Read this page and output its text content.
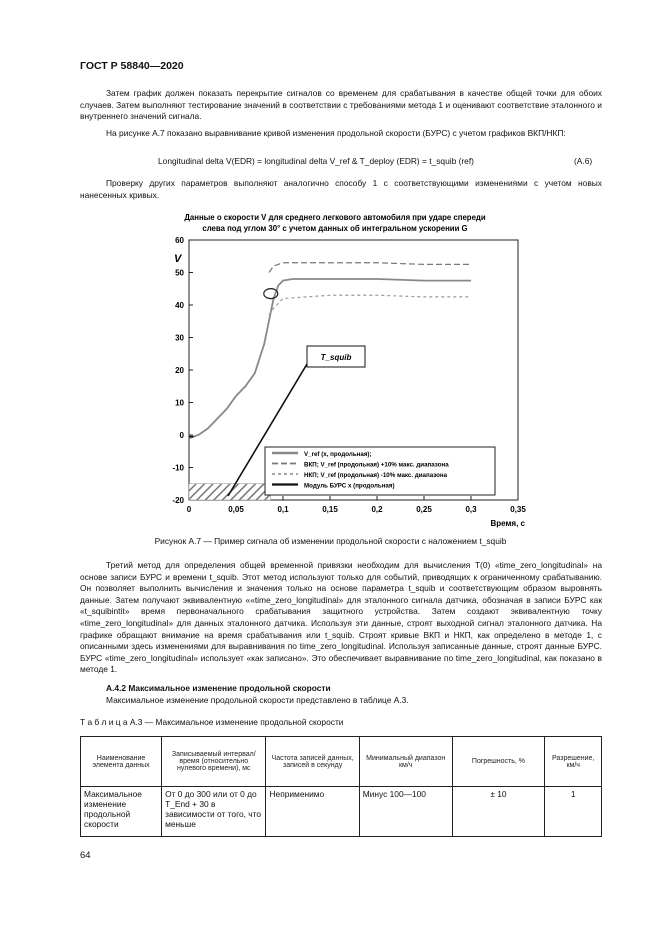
ГОСТ Р 58840—2020

Затем график должен показать перекрытие сигналов со временем для срабатывания в качестве общей точки для обоих случаев. Затем выполняют тестирование значений в соответствии с требованиями метода 1 и оценивают соответствие эталонного и внутреннего значений сигнала.

На рисунке А.7 показано выравнивание кривой изменения продольной скорости (БУРС) с учетом графиков ВКП/НКП:

Longitudinal delta V(EDR) = longitudinal delta V_ref & T_deploy (EDR) = t_squib (ref)	(А.6)

Проверку других параметров выполняют аналогично способу 1 с соответствующими изменениями с учетом новых нанесенных кривых.

Данные о скорости V для среднего легкового автомобиля при ударе спереди
слева под углом 30° с учетом данных об интегральном ускорении G
60
50
40
30
20
10
0
-10
-20
0	0,05	0,1	0,15	0,2	0,25	0,3	0,35
V
Время, с
T_squib
V_ref (x, продольная);
ВКП; V_ref (продольная) +10% макс. диапазона
НКП; V_ref (продольная) -10% макс. диапазона
Модуль БУРС x (продольная)
Рисунок А.7 — Пример сигнала об изменении продольной скорости с наложением t_squib

Третий метод для определения общей временной привязки необходим для вычисления T(0) «time_zero_longitudinal» на основе записи БУРС и времени t_squib. Этот метод используют только для событий, приводящих к ограниченному срабатыванию. Он позволяет выполнить вычисления и значения только на основе параметра t_squib и соответствующим образом выровнять данные. Затем получают эквивалентную ««time_zero_longitudinal» для эталонного сигнала датчика, обозначая в записи БУРС как «t_squibintit» время первоначального срабатывания защитного устройства. Затем создают эквивалентную точку «time_zero_longitudinal» для данных эталонного датчика. Используя эти данные, строят выходной сигнал эталонного датчика. На графике обращают внимание на время срабатывания или t_squib. Строят кривые ВКП и НКП, как определено в методе 1, с описанными здесь изменениями для выравнивания по time_zero_longitudinal. Используя записанные данные, строят данные БУРС. БУРС «time_zero_longitudinal» использует «как записано». Это обеспечивает выравнивание по time_zero_longitudinal, как показано в методе 1.

А.4.2 Максимальное изменение продольной скорости

Максимальное изменение продольной скорости представлено в таблице А.3.

Т а б л и ц а А.3 — Максимальное изменение продольной скорости
Наименование элемента данных	Записываемый интервал/время (относительно нулевого времени), мс	Частота записей данных, записей в секунду	Минимальный диапазон км/ч	Погрешность, %	Разрешение, км/ч
Максимальное изменение продольной скорости	От 0 до 300 или от 0 до T_End + 30 в зависимости от того, что меньше	Неприменимо	Минус 100—100	± 10	1
64
